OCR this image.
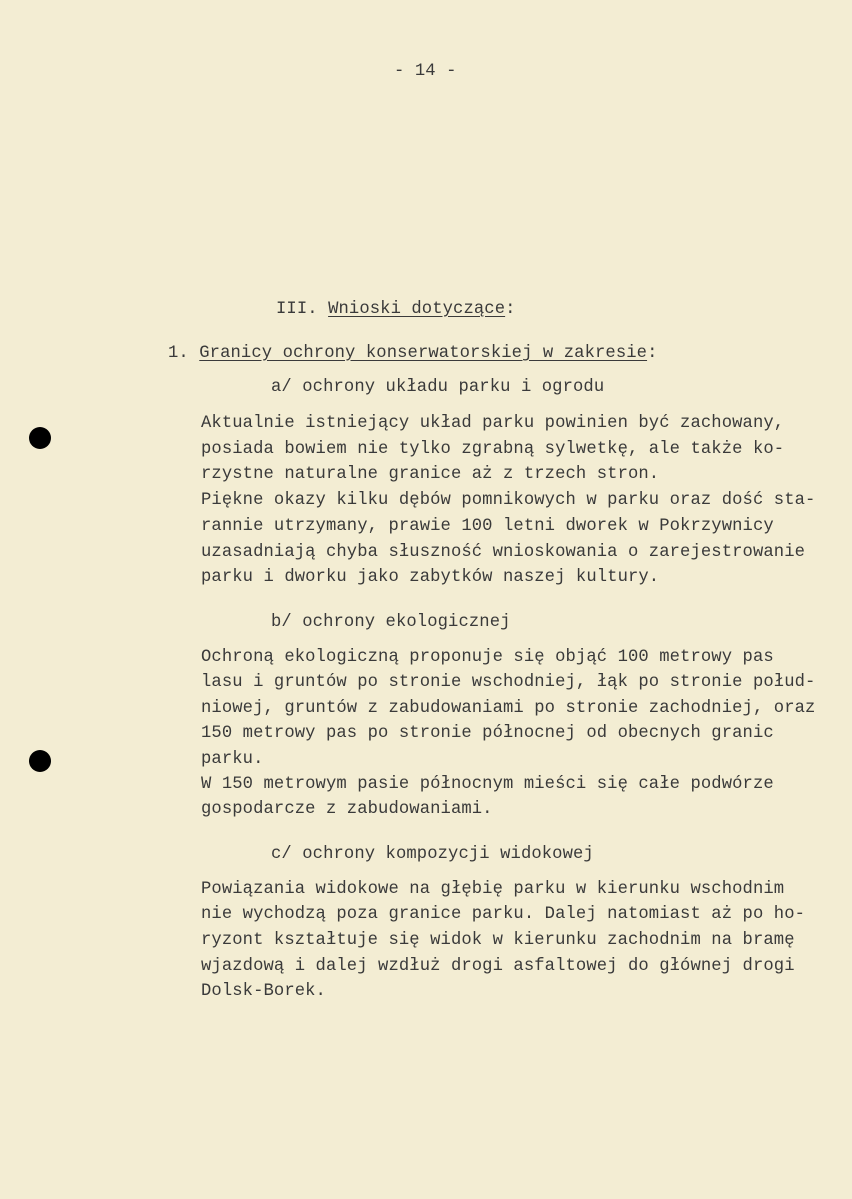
- 14 -

III. Wnioski dotyczące:

1. Granicy ochrony konserwatorskiej w zakresie:

a/ ochrony układu parku i ogrodu

Aktualnie istniejący układ parku powinien być zachowany,

posiada bowiem nie tylko zgrabną sylwetkę, ale także ko-

rzystne naturalne granice aż z trzech stron.

Piękne okazy kilku dębów pomnikowych w parku oraz dość sta-

rannie utrzymany, prawie 100 letni dworek w Pokrzywnicy

uzasadniają chyba słuszność wnioskowania o zarejestrowanie

parku i dworku jako zabytków naszej kultury.

b/ ochrony ekologicznej

Ochroną ekologiczną proponuje się objąć 100 metrowy pas

lasu i gruntów po stronie wschodniej, łąk po stronie połud-

niowej, gruntów z zabudowaniami po stronie zachodniej, oraz

150 metrowy pas po stronie północnej od obecnych granic

parku.

W 150 metrowym pasie północnym mieści się całe podwórze

gospodarcze z zabudowaniami.

c/ ochrony kompozycji widokowej

Powiązania widokowe na głębię parku w kierunku wschodnim

nie wychodzą poza granice parku. Dalej natomiast aż po ho-

ryzont kształtuje się widok w kierunku zachodnim na bramę

wjazdową i dalej wzdłuż drogi asfaltowej do głównej drogi

Dolsk-Borek.
